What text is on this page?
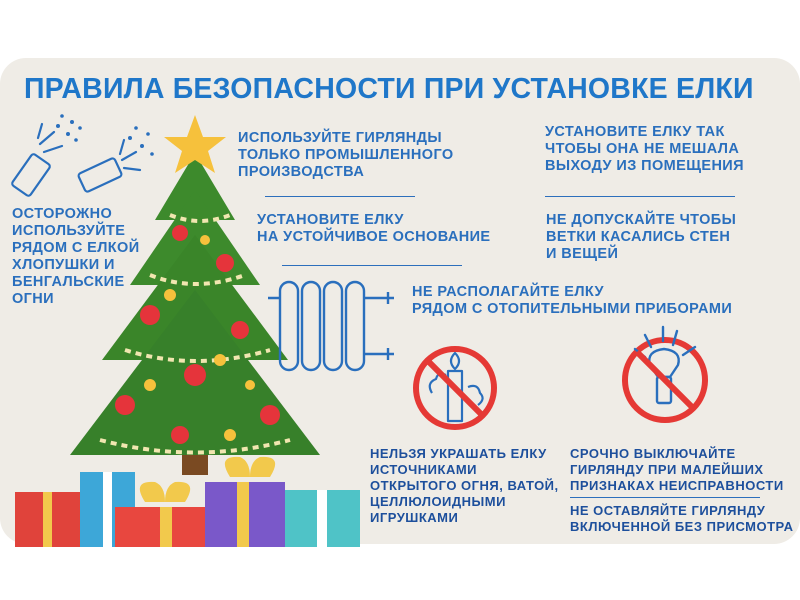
ПРАВИЛА БЕЗОПАСНОСТИ ПРИ УСТАНОВКЕ ЕЛКИ
ИСПОЛЬЗУЙТЕ ГИРЛЯНДЫ
ТОЛЬКО ПРОМЫШЛЕННОГО
ПРОИЗВОДСТВА
УСТАНОВИТЕ ЕЛКУ ТАК
ЧТОБЫ ОНА НЕ МЕШАЛА
ВЫХОДУ ИЗ ПОМЕЩЕНИЯ
ОСТОРОЖНО
ИСПОЛЬЗУЙТЕ
РЯДОМ С ЕЛКОЙ
ХЛОПУШКИ И
БЕНГАЛЬСКИЕ
ОГНИ
УСТАНОВИТЕ ЕЛКУ
НА УСТОЙЧИВОЕ ОСНОВАНИЕ
НЕ ДОПУСКАЙТЕ ЧТОБЫ
ВЕТКИ КАСАЛИСЬ СТЕН
И ВЕЩЕЙ
НЕ РАСПОЛАГАЙТЕ ЕЛКУ
РЯДОМ С ОТОПИТЕЛЬНЫМИ ПРИБОРАМИ
НЕЛЬЗЯ УКРАШАТЬ ЕЛКУ
ИСТОЧНИКАМИ
ОТКРЫТОГО ОГНЯ, ВАТОЙ,
ЦЕЛЛЮЛОИДНЫМИ
ИГРУШКАМИ
СРОЧНО ВЫКЛЮЧАЙТЕ
ГИРЛЯНДУ ПРИ МАЛЕЙШИХ
ПРИЗНАКАХ НЕИСПРАВНОСТИ
НЕ ОСТАВЛЯЙТЕ ГИРЛЯНДУ
ВКЛЮЧЕННОЙ БЕЗ ПРИСМОТРА
